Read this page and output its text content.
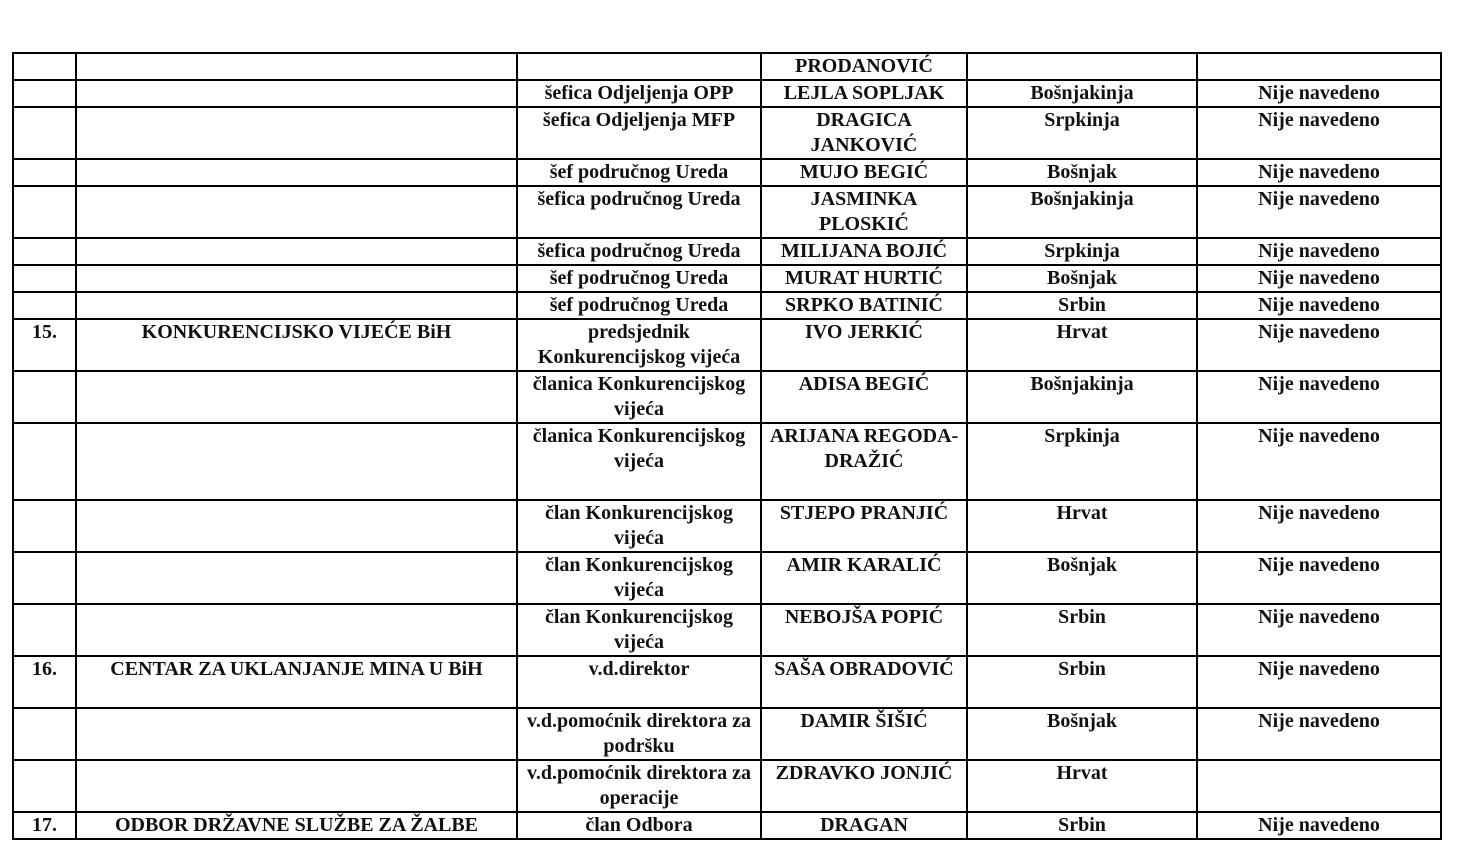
			PRODANOVIĆ		
		šefica Odjeljenja OPP	LEJLA SOPLJAK	Bošnjakinja	Nije navedeno
		šefica Odjeljenja MFP	DRAGICA JANKOVIĆ	Srpkinja	Nije navedeno
		šef područnog Ureda	MUJO BEGIĆ	Bošnjak	Nije navedeno
		šefica područnog Ureda	JASMINKA PLOSKIĆ	Bošnjakinja	Nije navedeno
		šefica područnog Ureda	MILIJANA BOJIĆ	Srpkinja	Nije navedeno
		šef područnog Ureda	MURAT HURTIĆ	Bošnjak	Nije navedeno
		šef područnog Ureda	SRPKO BATINIĆ	Srbin	Nije navedeno
15.	KONKURENCIJSKO VIJEĆE BiH	predsjednik Konkurencijskog vijeća	IVO JERKIĆ	Hrvat	Nije navedeno
		članica Konkurencijskog vijeća	ADISA BEGIĆ	Bošnjakinja	Nije navedeno
		članica Konkurencijskog vijeća	ARIJANA REGODA-DRAŽIĆ	Srpkinja	Nije navedeno
		član Konkurencijskog vijeća	STJEPO PRANJIĆ	Hrvat	Nije navedeno
		član Konkurencijskog vijeća	AMIR KARALIĆ	Bošnjak	Nije navedeno
		član Konkurencijskog vijeća	NEBOJŠA POPIĆ	Srbin	Nije navedeno
16.	CENTAR ZA UKLANJANJE MINA U BiH	v.d.direktor	SAŠA OBRADOVIĆ	Srbin	Nije navedeno
		v.d.pomoćnik direktora za podršku	DAMIR ŠIŠIĆ	Bošnjak	Nije navedeno
		v.d.pomoćnik direktora za operacije	ZDRAVKO JONJIĆ	Hrvat	
17.	ODBOR DRŽAVNE SLUŽBE ZA ŽALBE	član Odbora	DRAGAN	Srbin	Nije navedeno
